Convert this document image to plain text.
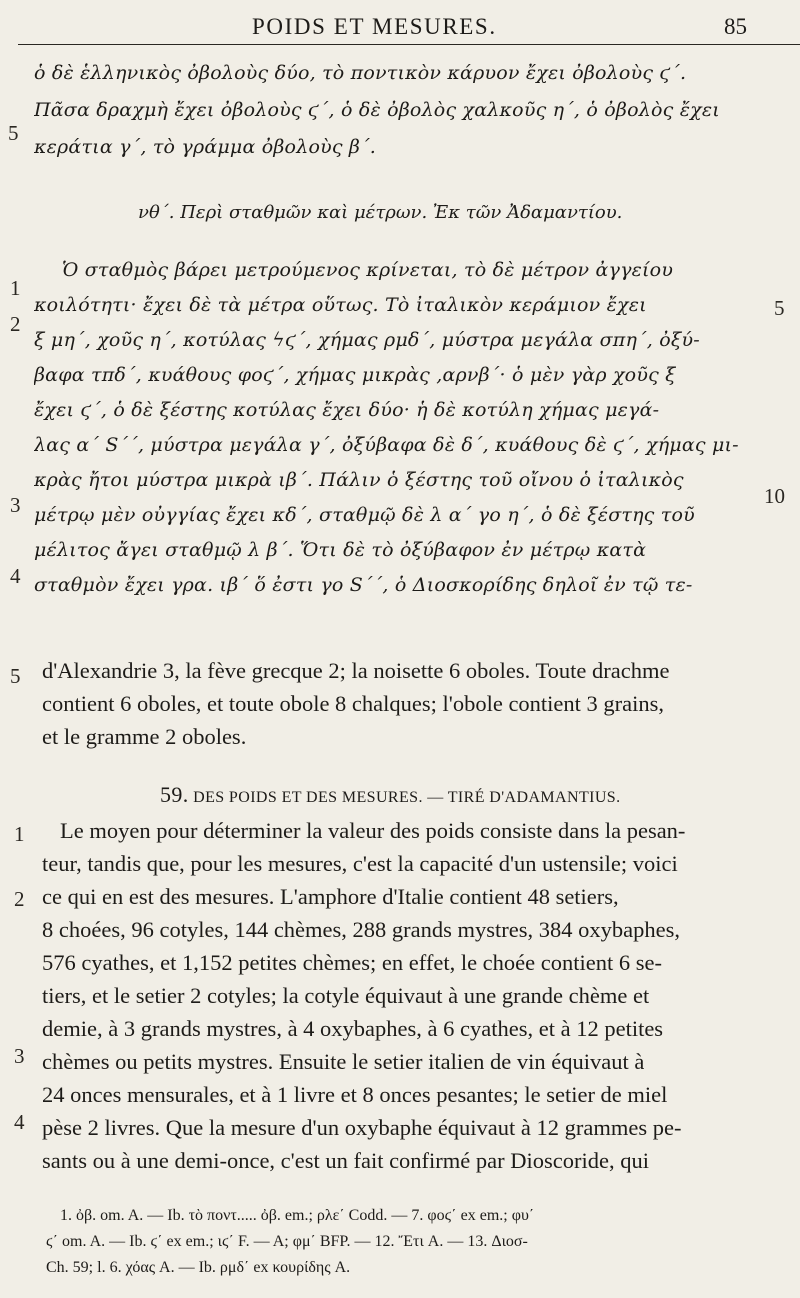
POIDS ET MESURES.	85
ὁ δὲ ἑλληνικὸς ὀβολοὺς δύο, τὸ ποντικὸν κάρυον ἔχει ὀβολοὺς ϛ΄.
Πᾶσα δραχμὴ ἔχει ὀβολοὺς ϛ΄, ὁ δὲ ὀβολὸς χαλκοῦς η΄, ὁ ὀβολὸς ἔχει
κεράτια γ΄, τὸ γράμμα ὀβολοὺς β΄.
5
νθ΄. Περὶ σταθμῶν καὶ μέτρων. Ἐκ τῶν Ἀδαμαντίου.
Ὁ σταθμὸς βάρει μετρούμενος κρίνεται, τὸ δὲ μέτρον ἀγγείου
κοιλότητι· ἔχει δὲ τὰ μέτρα οὕτως. Τὸ ἰταλικὸν κεράμιον ἔχει
ξ μη΄, χοῦς η΄, κοτύλας ϟϛ΄, χήμας ρμδ΄, μύστρα μεγάλα σπη΄, ὀξύ-
βαφα τπδ΄, κυάθους φοϛ΄, χήμας μικρὰς ,αρνβ΄· ὁ μὲν γὰρ χοῦς ξ
ἔχει ϛ΄, ὁ δὲ ξέστης κοτύλας ἔχει δύο· ἡ δὲ κοτύλη χήμας μεγά-
λας α΄ S΄΄, μύστρα μεγάλα γ΄, ὀξύβαφα δὲ δ΄, κυάθους δὲ ϛ΄, χήμας μι-
κρὰς ἤτοι μύστρα μικρὰ ιβ΄. Πάλιν ὁ ξέστης τοῦ οἴνου ὁ ἰταλικὸς
μέτρῳ μὲν οὐγγίας ἔχει κδ΄, σταθμῷ δὲ λ α΄ γο η΄, ὁ δὲ ξέστης τοῦ
μέλιτος ἄγει σταθμῷ λ β΄. Ὅτι δὲ τὸ ὀξύβαφον ἐν μέτρῳ κατὰ
σταθμὸν ἔχει γρα. ιβ΄ ὅ ἐστι γο S΄΄, ὁ Διοσκορίδης δηλοῖ ἐν τῷ τε-
1
2
3
4
5
10
d'Alexandrie 3, la fève grecque 2; la noisette 6 oboles. Toute drachme
contient 6 oboles, et toute obole 8 chalques; l'obole contient 3 grains,
et le gramme 2 oboles.
5
59. DES POIDS ET DES MESURES. — TIRÉ D'ADAMANTIUS.
Le moyen pour déterminer la valeur des poids consiste dans la pesan-
teur, tandis que, pour les mesures, c'est la capacité d'un ustensile; voici
ce qui en est des mesures. L'amphore d'Italie contient 48 setiers,
8 choées, 96 cotyles, 144 chèmes, 288 grands mystres, 384 oxybaphes,
576 cyathes, et 1,152 petites chèmes; en effet, le choée contient 6 se-
tiers, et le setier 2 cotyles; la cotyle équivaut à une grande chème et
demie, à 3 grands mystres, à 4 oxybaphes, à 6 cyathes, et à 12 petites
chèmes ou petits mystres. Ensuite le setier italien de vin équivaut à
24 onces mensurales, et à 1 livre et 8 onces pesantes; le setier de miel
pèse 2 livres. Que la mesure d'un oxybaphe équivaut à 12 grammes pe-
sants ou à une demi-once, c'est un fait confirmé par Dioscoride, qui
1
2
3
4
1. ὀβ. om. A. — Ib. τὸ ποντ..... ὀβ. em.; ρλε΄ Codd. — 7. φοϛ΄ ex em.; φυ΄
ϛ΄ om. A. — Ib. ϛ΄ ex em.; ιϛ΄ F. — A; φμ΄ BFP. — 12. Ἔτι A. — 13. Διοσ-
Ch. 59; l. 6. χόας A. — Ib. ρμδ΄ ex κουρίδης A.
